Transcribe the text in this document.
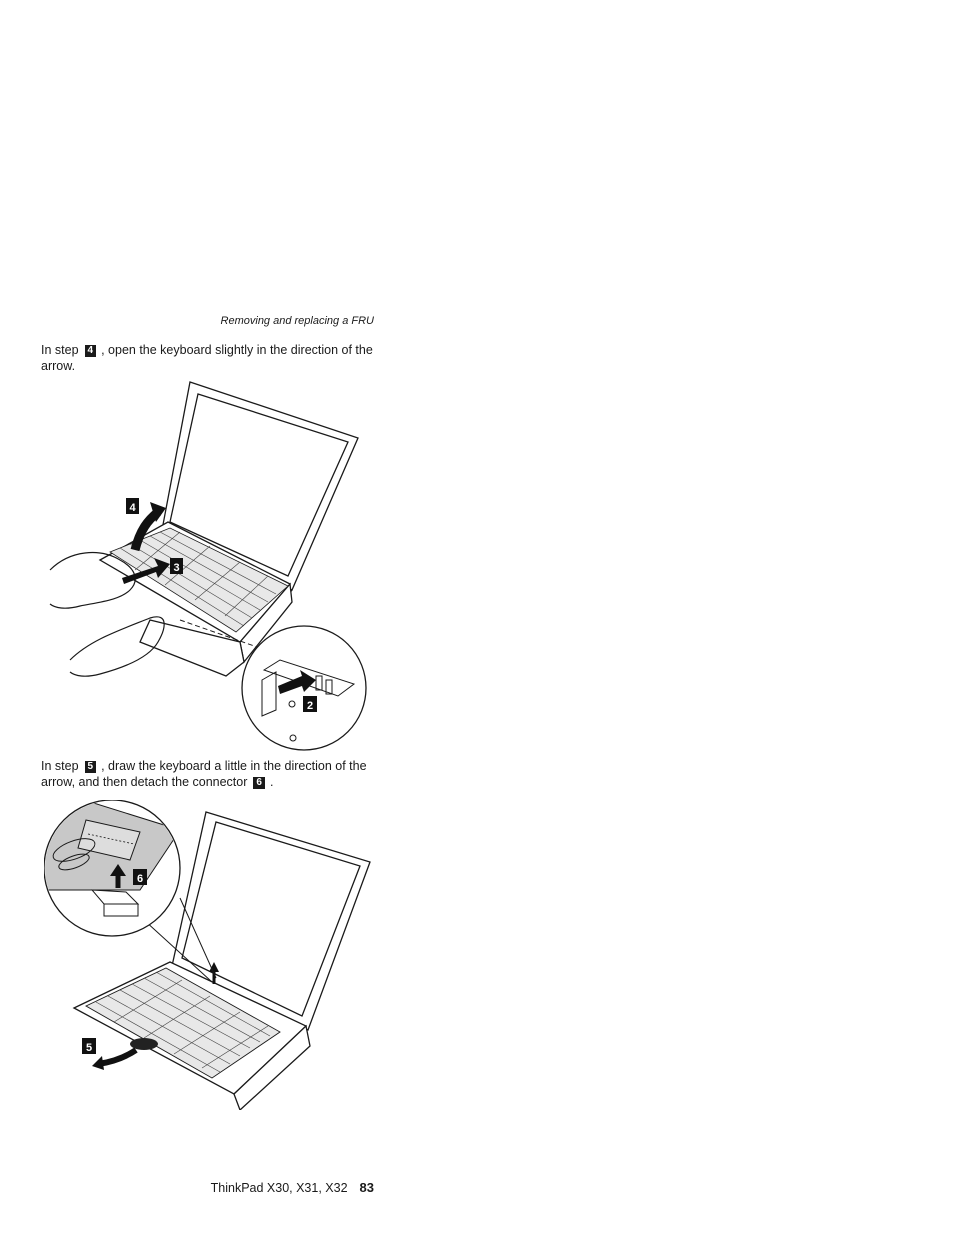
Removing and replacing a FRU
In step 4 , open the keyboard slightly in the direction of the arrow.
4
3
2
In step 5 , draw the keyboard a little in the direction of the arrow, and then detach the connector 6 .
5
6
ThinkPad X30, X31, X32 83
